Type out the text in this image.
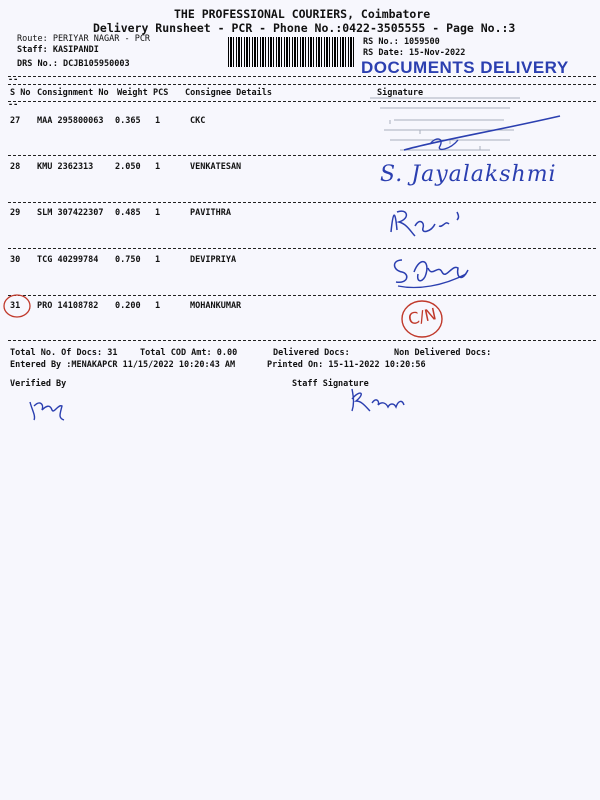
THE PROFESSIONAL COURIERS, Coimbatore
Delivery Runsheet - PCR - Phone No.:0422-3505555 - Page No.:3
Route: PERIYAR NAGAR - PCR
Staff: KASIPANDI
DRS No.: DCJB105950003
RS No.: 1059500
RS Date: 15-Nov-2022
DOCUMENTS DELIVERY
--
S No Consignment No Weight PCS Consignee Details	Signature
--
27 MAA 295800063 0.365 1	CKC
28 KMU 2362313	2.050 1	VENKATESAN
29 SLM 307422307 0.485 1	PAVITHRA
30 TCG 40299784 0.750 1	DEVIPRIYA
31 PRO 14108782 0.200 1	MOHANKUMAR
Total No. Of Docs: 31	Total COD Amt: 0.00	Delivered Docs:	Non Delivered Docs:
Entered By :MENAKAPCR 11/15/2022 10:20:43 AM	Printed On: 15-11-2022 10:20:56
Verified By	Staff Signature
S. Jayalakshmi
C/N
